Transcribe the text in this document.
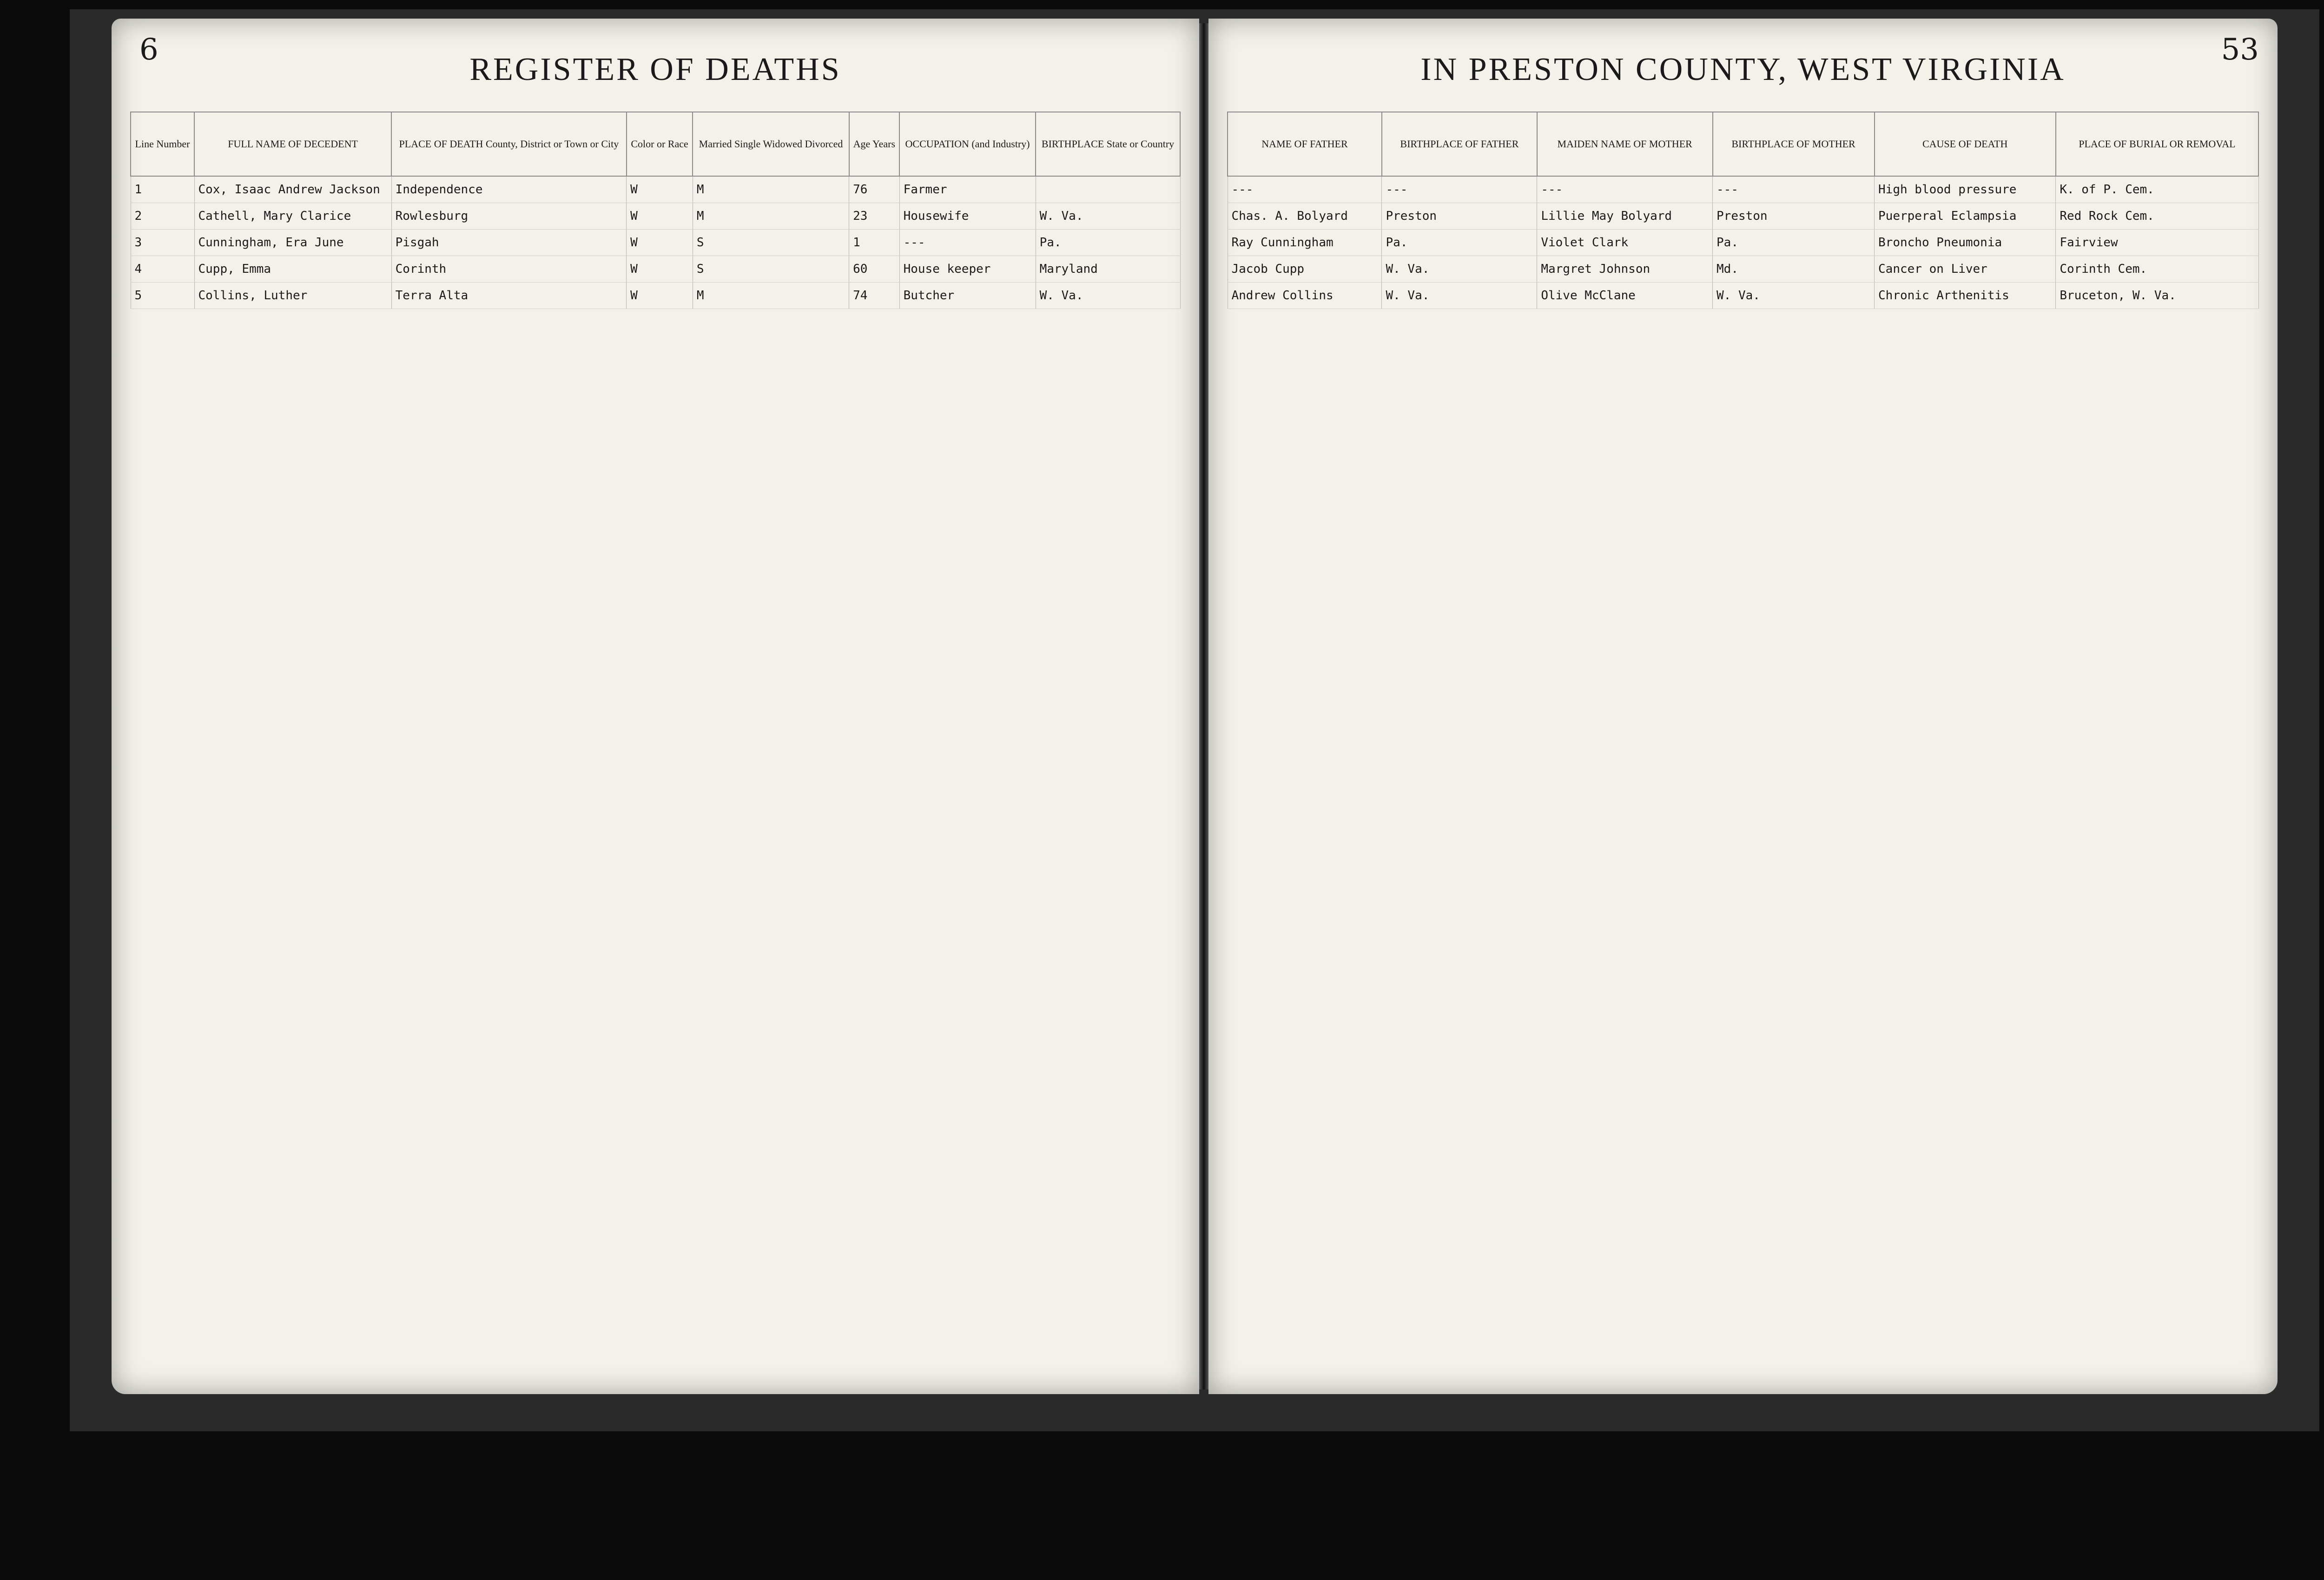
6
REGISTER OF DEATHS
Line Number	FULL NAME OF DECEDENT	PLACE OF DEATH County, District or Town or City	Color or Race	Married Single Widowed Divorced	Age Years	OCCUPATION (and Industry)	BIRTHPLACE State or Country
1	Cox, Isaac Andrew Jackson	Independence	W	M	76	Farmer	
2	Cathell, Mary Clarice	Rowlesburg	W	M	23	Housewife	W. Va.
3	Cunningham, Era June	Pisgah	W	S	1	---	Pa.
4	Cupp, Emma	Corinth	W	S	60	House keeper	Maryland
5	Collins, Luther	Terra Alta	W	M	74	Butcher	W. Va.
53
IN PRESTON COUNTY, WEST VIRGINIA
NAME OF FATHER	BIRTHPLACE OF FATHER	MAIDEN NAME OF MOTHER	BIRTHPLACE OF MOTHER	CAUSE OF DEATH	PLACE OF BURIAL OR REMOVAL
---	---	---	---	High blood pressure	K. of P. Cem.
Chas. A. Bolyard	Preston	Lillie May Bolyard	Preston	Puerperal Eclampsia	Red Rock Cem.
Ray Cunningham	Pa.	Violet Clark	Pa.	Broncho Pneumonia	Fairview
Jacob Cupp	W. Va.	Margret Johnson	Md.	Cancer on Liver	Corinth Cem.
Andrew Collins	W. Va.	Olive McClane	W. Va.	Chronic Arthenitis	Bruceton, W. Va.
